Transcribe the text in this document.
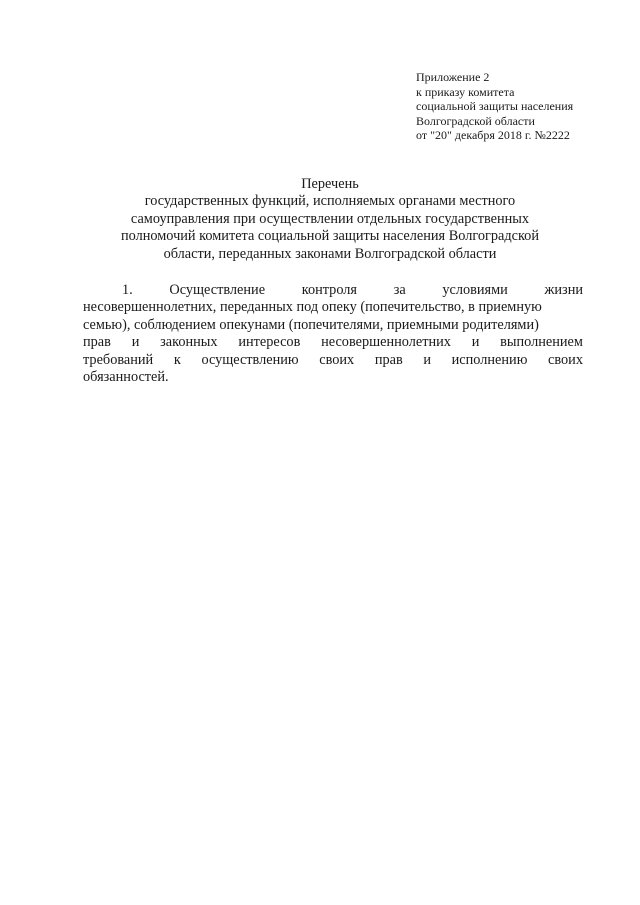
Приложение 2
к приказу комитета
социальной защиты населения
Волгоградской области
от "20" декабря 2018 г. №2222
Перечень
государственных функций, исполняемых органами местного
самоуправления при осуществлении отдельных государственных
полномочий комитета социальной защиты населения Волгоградской
области, переданных законами Волгоградской области
1.	Осуществление	контроля	за	условиями	жизни
несовершеннолетних, переданных под опеку (попечительство, в приемную
семью), соблюдением опекунами (попечителями, приемными родителями)
прав и законных интересов несовершеннолетних и выполнением
требований к осуществлению своих прав и исполнению своих
обязанностей.
